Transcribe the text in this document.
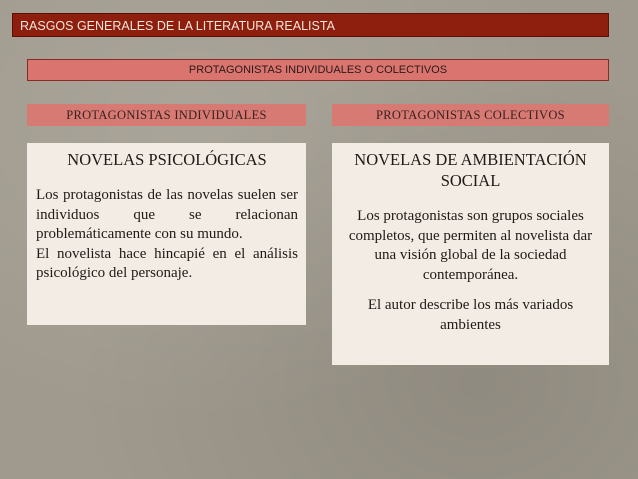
RASGOS GENERALES DE LA LITERATURA REALISTA
PROTAGONISTAS INDIVIDUALES O COLECTIVOS
PROTAGONISTAS INDIVIDUALES	PROTAGONISTAS COLECTIVOS
NOVELAS PSICOLÓGICAS

Los protagonistas de las novelas suelen ser individuos que se relacionan problemáticamente con su mundo.

El novelista hace hincapié en el análisis psicológico del personaje.

NOVELAS DE AMBIENTACIÓN SOCIAL

Los protagonistas son grupos sociales completos, que permiten al novelista dar una visión global de la sociedad contemporánea.

El autor describe los más variados ambientes
